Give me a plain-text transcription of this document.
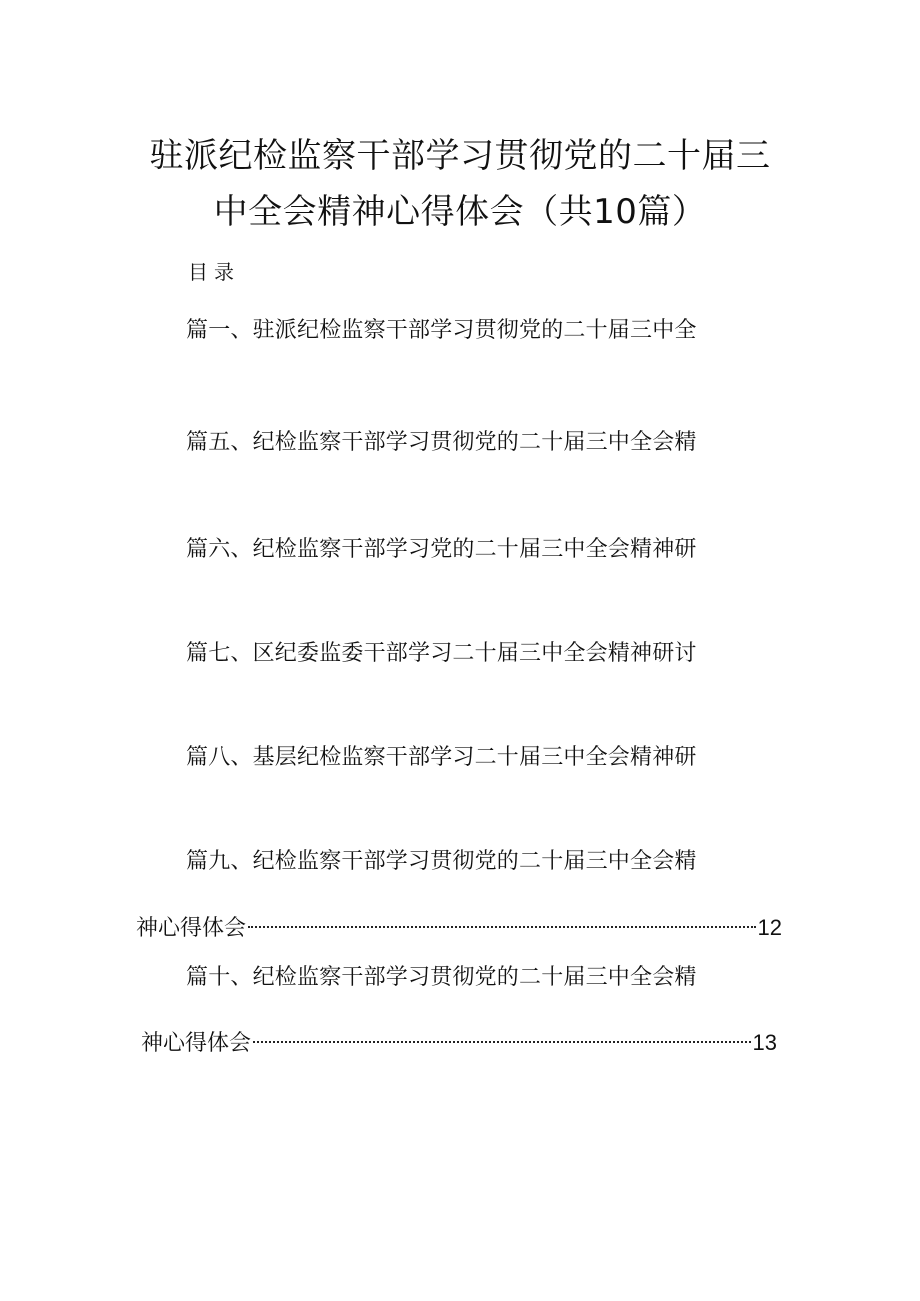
驻派纪检监察干部学习贯彻党的二十届三
中全会精神心得体会（共10篇）
目录
篇一、驻派纪检监察干部学习贯彻党的二十届三中全
篇五、纪检监察干部学习贯彻党的二十届三中全会精
篇六、纪检监察干部学习党的二十届三中全会精神研
篇七、区纪委监委干部学习二十届三中全会精神研讨
篇八、基层纪检监察干部学习二十届三中全会精神研
篇九、纪检监察干部学习贯彻党的二十届三中全会精
神心得体会	12
篇十、纪检监察干部学习贯彻党的二十届三中全会精
神心得体会	13
